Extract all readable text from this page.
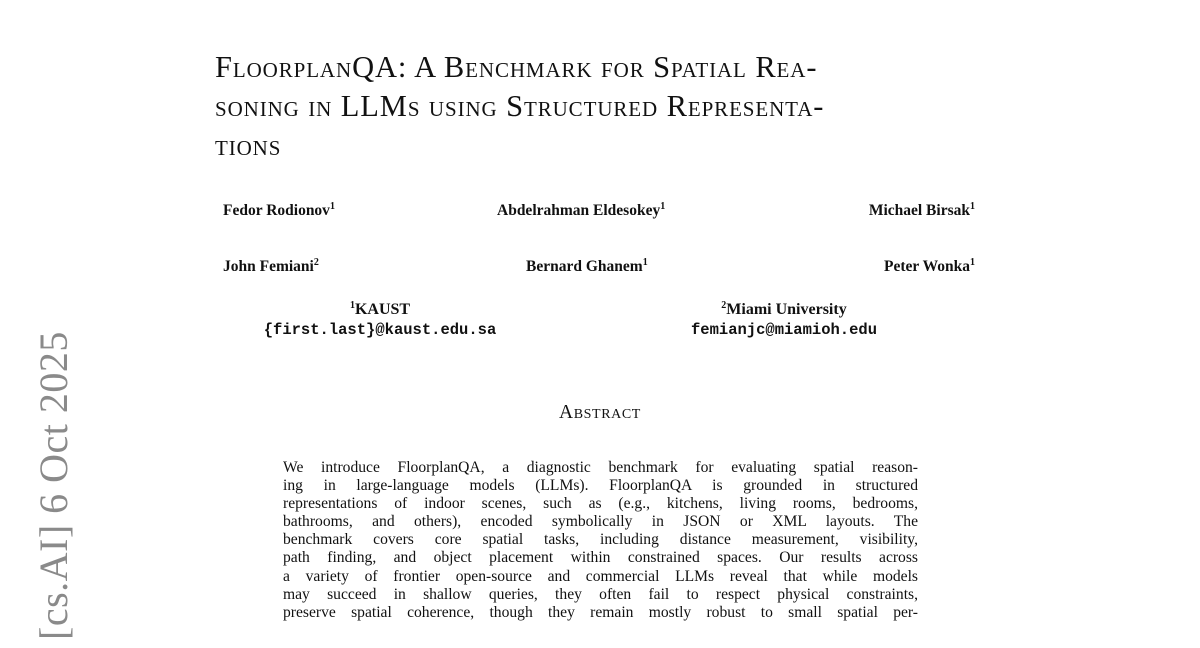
[cs.AI] 6 Oct 2025
FloorplanQA: A Benchmark for Spatial Rea-
soning in LLMs using Structured Representa-
tions
Fedor Rodionov$^1$	Abdelrahman Eldesokey$^1$	Michael Birsak$^1$
John Femiani$^2$	Bernard Ghanem$^1$	Peter Wonka$^1$
$^1$KAUST
{first.last}@kaust.edu.sa
$^2$Miami University
femianjc@miamioh.edu
Abstract
We introduce FloorplanQA, a diagnostic benchmark for evaluating spatial reason-
ing in large-language models (LLMs). FloorplanQA is grounded in structured
representations of indoor scenes, such as (e.g., kitchens, living rooms, bedrooms,
bathrooms, and others), encoded symbolically in JSON or XML layouts. The
benchmark covers core spatial tasks, including distance measurement, visibility,
path finding, and object placement within constrained spaces. Our results across
a variety of frontier open-source and commercial LLMs reveal that while models
may succeed in shallow queries, they often fail to respect physical constraints,
preserve spatial coherence, though they remain mostly robust to small spatial per-
